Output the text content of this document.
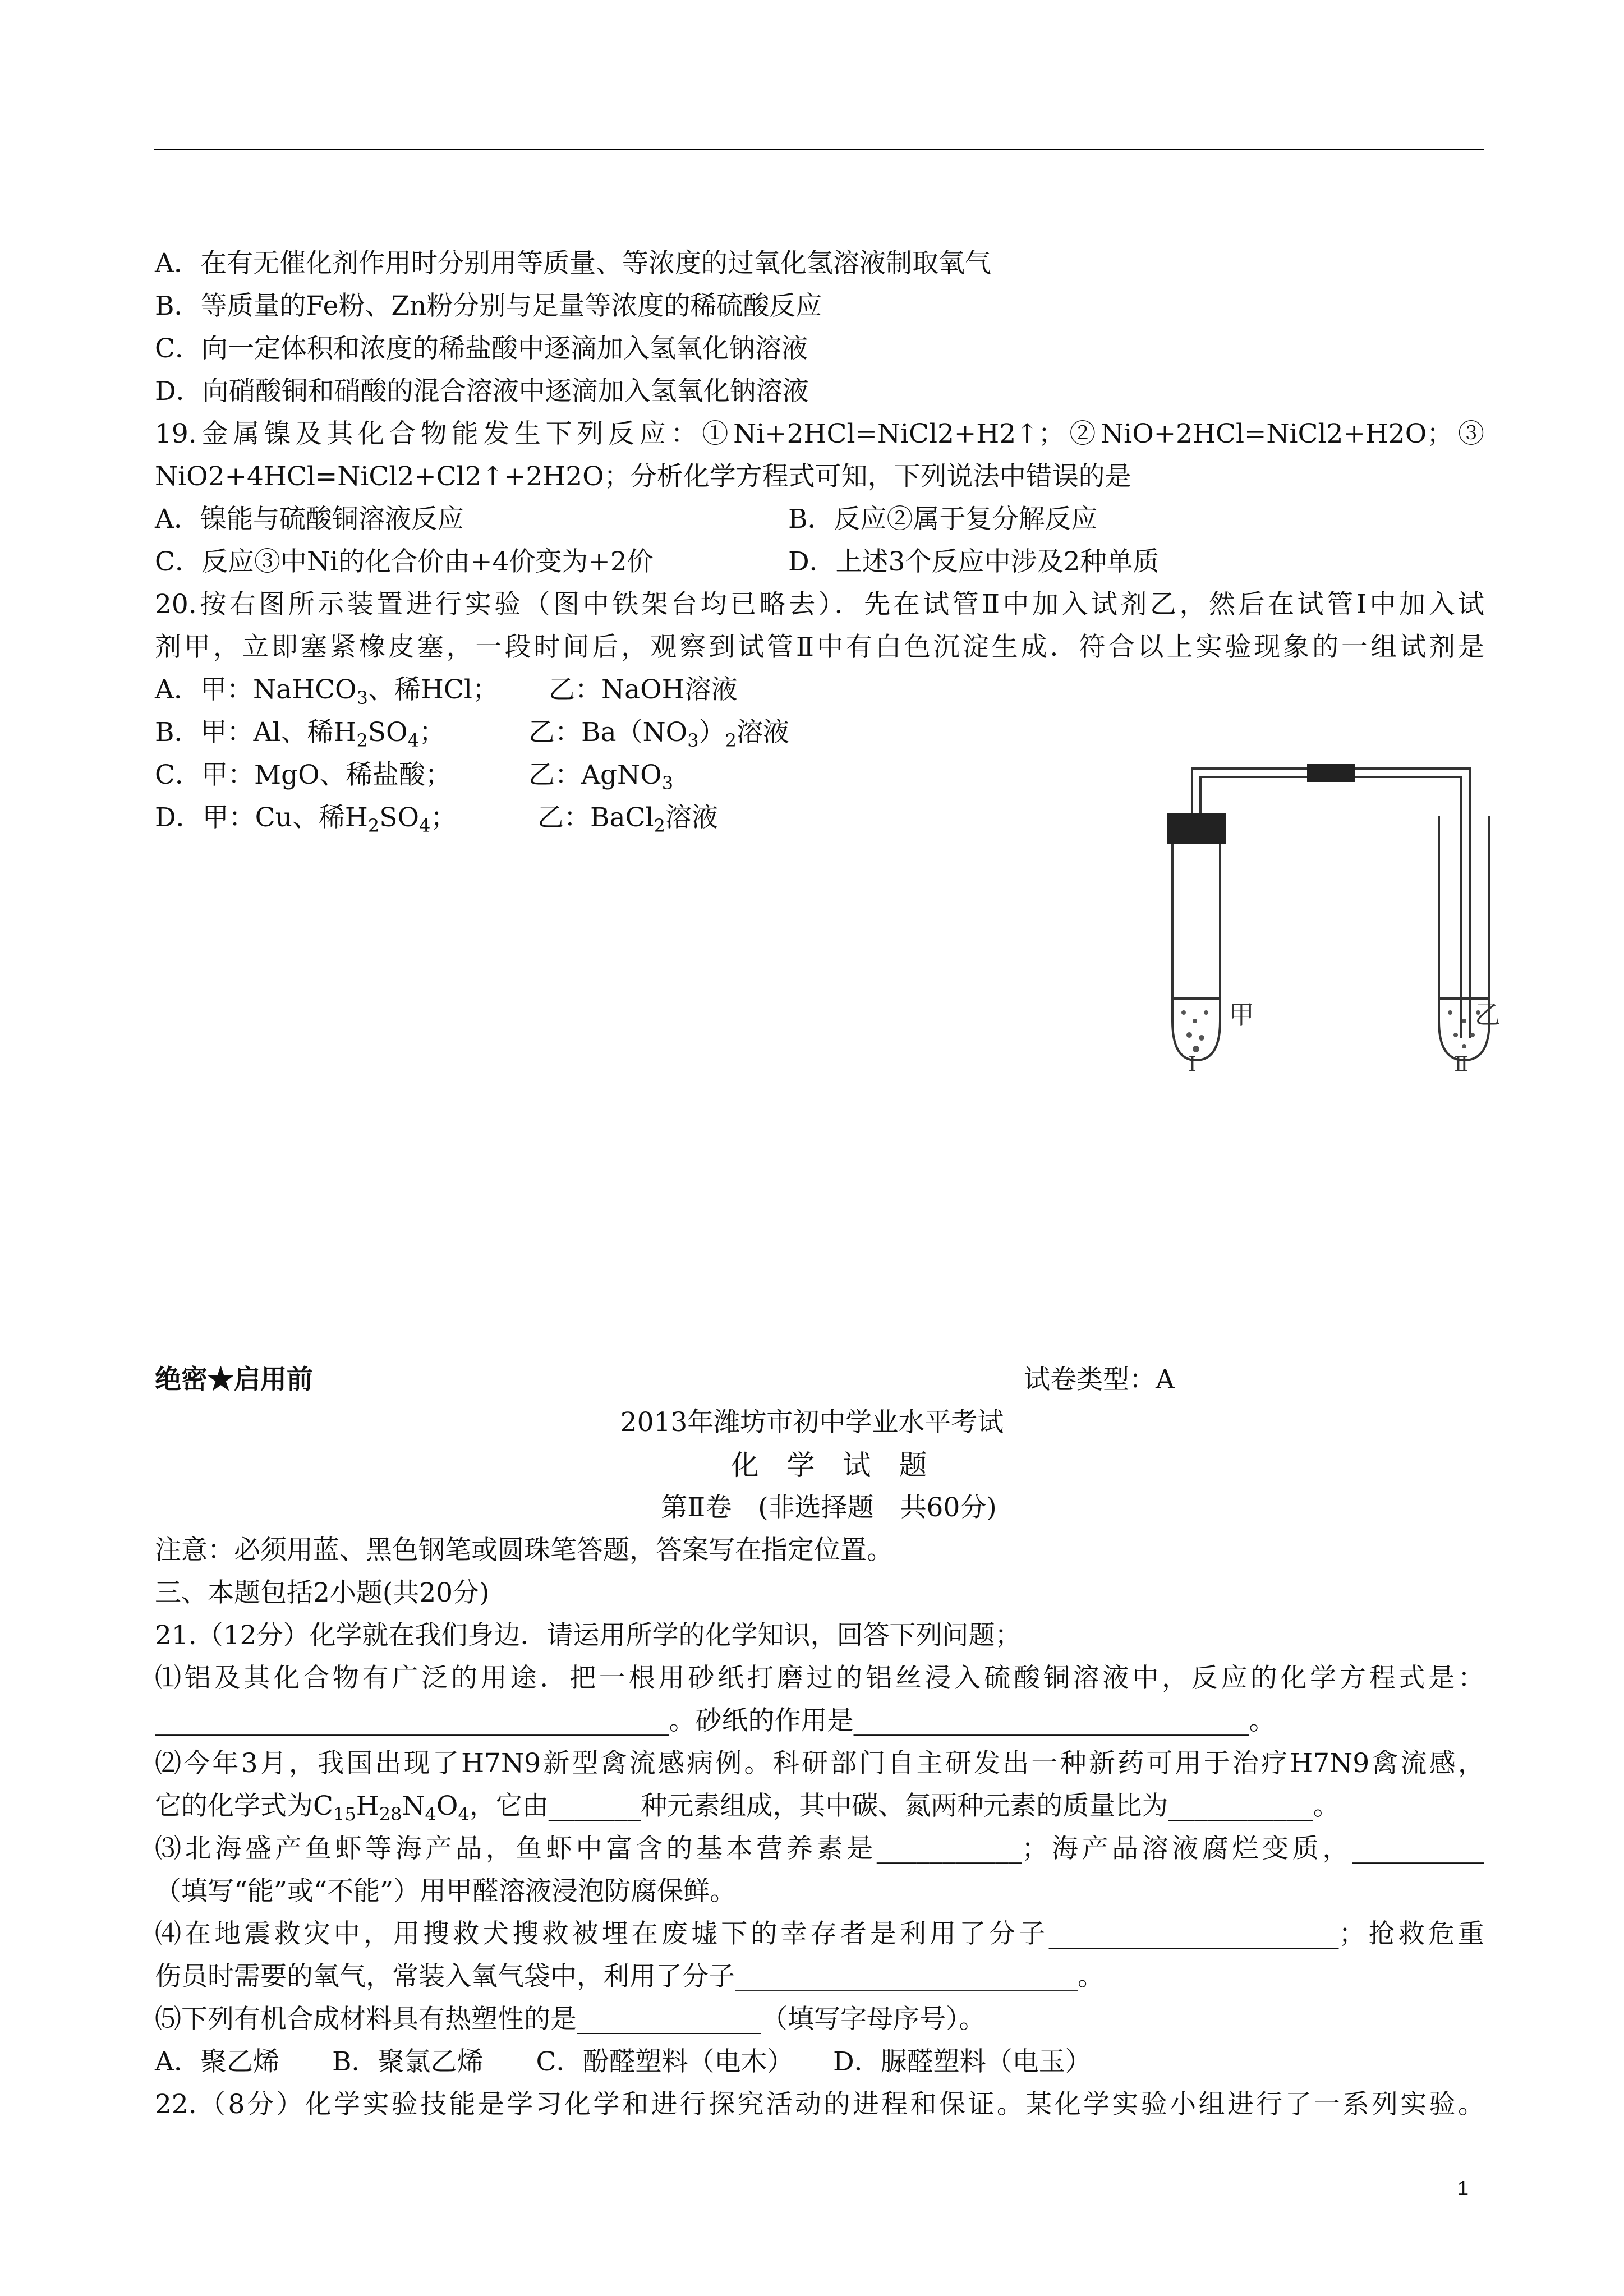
A．在有无催化剂作用时分别用等质量、等浓度的过氧化氢溶液制取氧气
B．等质量的Fe粉、Zn粉分别与足量等浓度的稀硫酸反应
C．向一定体积和浓度的稀盐酸中逐滴加入氢氧化钠溶液
D．向硝酸铜和硝酸的混合溶液中逐滴加入氢氧化钠溶液
19.金属镍及其化合物能发生下列反应：①Ni+2HCl=NiCl2+H2↑；②NiO+2HCl=NiCl2+H2O；③
NiO2+4HCl=NiCl2+Cl2↑+2H2O；分析化学方程式可知，下列说法中错误的是
A．镍能与硫酸铜溶液反应	B．反应②属于复分解反应
C．反应③中Ni的化合价由+4价变为+2价	D．上述3个反应中涉及2种单质
20.按右图所示装置进行实验（图中铁架台均已略去）．先在试管Ⅱ中加入试剂乙，然后在试管Ⅰ中加入试
剂甲，立即塞紧橡皮塞，一段时间后，观察到试管Ⅱ中有白色沉淀生成．符合以上实验现象的一组试剂是
A．甲：NaHCO$_3$、稀HCl； 乙：NaOH溶液
B．甲：Al、稀$H_2SO_4$；	乙：$Ba(NO_3)_2$溶液
C．甲：MgO、稀盐酸；	乙：AgNO$_3$
D．甲：Cu、稀$H_2SO_4$；	乙：BaCl$_2$溶液
甲	乙
Ⅰ	Ⅱ
绝密★启用前	试卷类型：A
2013年潍坊市初中学业水平考试
化　学　试　题
第Ⅱ卷　(非选择题　共60分)
注意：必须用蓝、黑色钢笔或圆珠笔答题，答案写在指定位置。
三、本题包括2小题(共20分)
21.（12分）化学就在我们身边．请运用所学的化学知识，回答下列问题；
⑴铝及其化合物有广泛的用途．把一根用砂纸打磨过的铝丝浸入硫酸铜溶液中，反应的化学方程式是：
_______________________________________。砂纸的作用是______________________________。
⑵今年3月，我国出现了H7N9新型禽流感病例。科研部门自主研发出一种新药可用于治疗H7N9禽流感，
它的化学式为$C_{15}H_{28}N_4O_4$，它由_______种元素组成，其中碳、氮两种元素的质量比为___________。
⑶北海盛产鱼虾等海产品，鱼虾中富含的基本营养素是___________；海产品溶液腐烂变质，__________
（填写“能”或“不能”）用甲醛溶液浸泡防腐保鲜。
⑷在地震救灾中，用搜救犬搜救被埋在废墟下的幸存者是利用了分子______________________；抢救危重
伤员时需要的氧气，常装入氧气袋中，利用了分子__________________________。
⑸下列有机合成材料具有热塑性的是______________（填写字母序号）。
A．聚乙烯　　B．聚氯乙烯　　C．酚醛塑料（电木）　　D．脲醛塑料（电玉）
22.（8分）化学实验技能是学习化学和进行探究活动的进程和保证。某化学实验小组进行了一系列实验。
1
